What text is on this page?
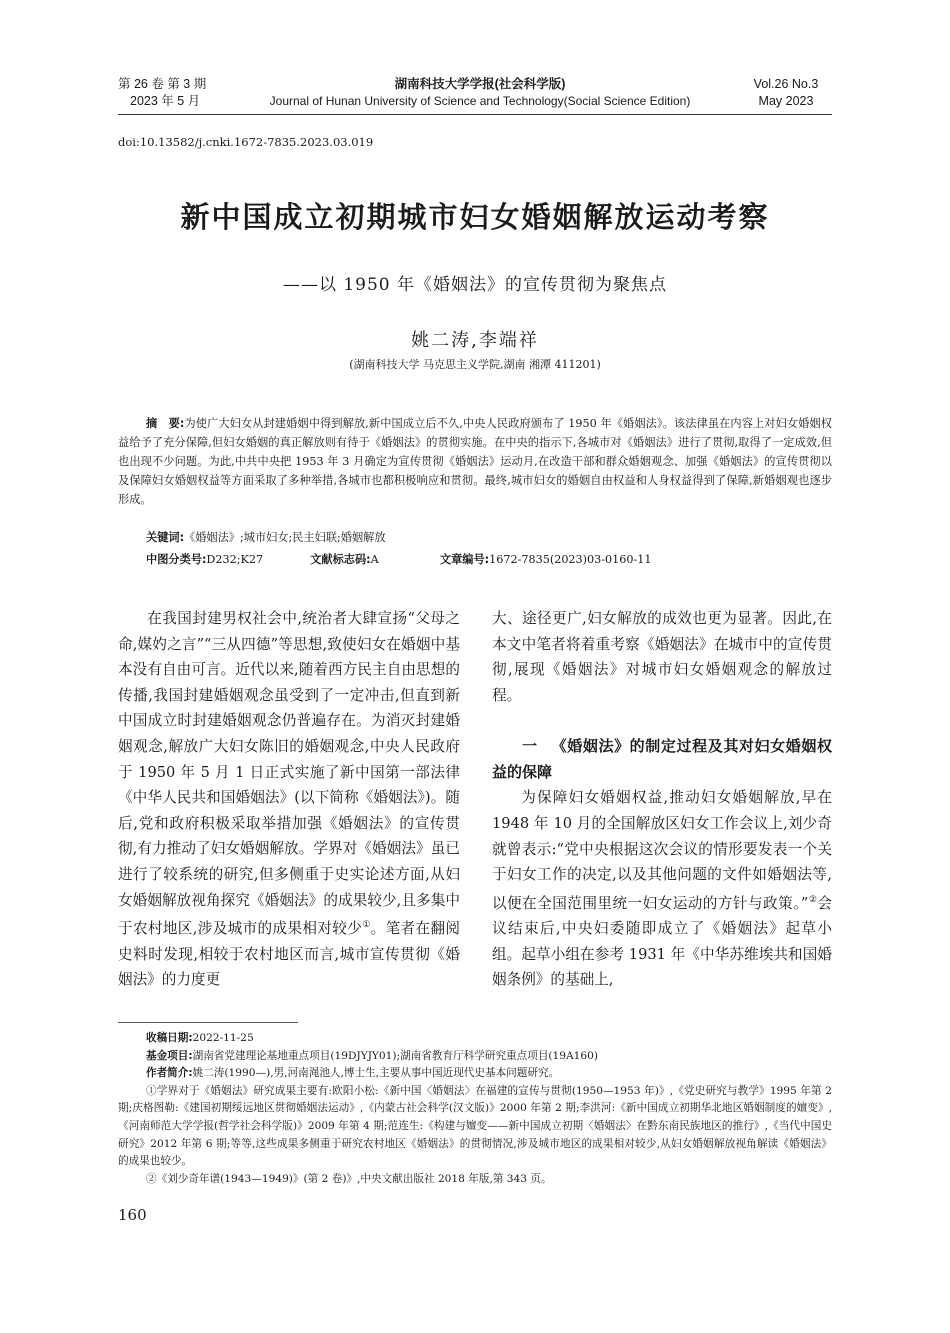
第 26 卷 第 3 期
2023 年 5 月
湖南科技大学学报(社会科学版)
Journal of Hunan University of Science and Technology(Social Science Edition)
Vol.26 No.3
May 2023
doi:10.13582/j.cnki.1672-7835.2023.03.019
新中国成立初期城市妇女婚姻解放运动考察
——以 1950 年《婚姻法》的宣传贯彻为聚焦点
姚二涛,李端祥
(湖南科技大学 马克思主义学院,湖南 湘潭 411201)
摘　要:为使广大妇女从封建婚姻中得到解放,新中国成立后不久,中央人民政府颁布了 1950 年《婚姻法》。该法律虽在内容上对妇女婚姻权益给予了充分保障,但妇女婚姻的真正解放则有待于《婚姻法》的贯彻实施。在中央的指示下,各城市对《婚姻法》进行了贯彻,取得了一定成效,但也出现不少问题。为此,中共中央把 1953 年 3 月确定为宣传贯彻《婚姻法》运动月,在改造干部和群众婚姻观念、加强《婚姻法》的宣传贯彻以及保障妇女婚姻权益等方面采取了多种举措,各城市也都积极响应和贯彻。最终,城市妇女的婚姻自由权益和人身权益得到了保障,新婚姻观也逐步形成。
关键词:《婚姻法》;城市妇女;民主妇联;婚姻解放
中图分类号:D232;K27	文献标志码:A	文章编号:1672-7835(2023)03-0160-11

在我国封建男权社会中,统治者大肆宣扬“父母之命,媒妁之言”“三从四德”等思想,致使妇女在婚姻中基本没有自由可言。近代以来,随着西方民主自由思想的传播,我国封建婚姻观念虽受到了一定冲击,但直到新中国成立时封建婚姻观念仍普遍存在。为消灭封建婚姻观念,解放广大妇女陈旧的婚姻观念,中央人民政府于 1950 年 5 月 1 日正式实施了新中国第一部法律《中华人民共和国婚姻法》(以下简称《婚姻法》)。随后,党和政府积极采取举措加强《婚姻法》的宣传贯彻,有力推动了妇女婚姻解放。学界对《婚姻法》虽已进行了较系统的研究,但多侧重于史实论述方面,从妇女婚姻解放视角探究《婚姻法》的成果较少,且多集中于农村地区,涉及城市的成果相对较少①。笔者在翻阅史料时发现,相较于农村地区而言,城市宣传贯彻《婚姻法》的力度更

大、途径更广,妇女解放的成效也更为显著。因此,在本文中笔者将着重考察《婚姻法》在城市中的宣传贯彻,展现《婚姻法》对城市妇女婚姻观念的解放过程。

一 《婚姻法》的制定过程及其对妇女婚姻权益的保障

为保障妇女婚姻权益,推动妇女婚姻解放,早在 1948 年 10 月的全国解放区妇女工作会议上,刘少奇就曾表示:“党中央根据这次会议的情形要发表一个关于妇女工作的决定,以及其他问题的文件如婚姻法等,以便在全国范围里统一妇女运动的方针与政策。”②会议结束后,中央妇委随即成立了《婚姻法》起草小组。起草小组在参考 1931 年《中华苏维埃共和国婚姻条例》的基础上,

收稿日期:2022-11-25

基金项目:湖南省党建理论基地重点项目(19DJYJY01);湖南省教育厅科学研究重点项目(19A160)

作者简介:姚二涛(1990—),男,河南渑池人,博士生,主要从事中国近现代史基本问题研究。

①学界对于《婚姻法》研究成果主要有:欧阳小松:《新中国〈婚姻法〉在福建的宣传与贯彻(1950—1953 年)》,《党史研究与教学》1995 年第 2 期;庆格图勒:《建国初期绥远地区贯彻婚姻法运动》,《内蒙古社会科学(汉文版)》2000 年第 2 期;李洪河:《新中国成立初期华北地区婚姻制度的嬗变》,《河南师范大学学报(哲学社会科学版)》2009 年第 4 期;范连生:《构建与嬗变——新中国成立初期〈婚姻法〉在黔东南民族地区的推行》,《当代中国史研究》2012 年第 6 期;等等,这些成果多侧重于研究农村地区《婚姻法》的贯彻情况,涉及城市地区的成果相对较少,从妇女婚姻解放视角解读《婚姻法》的成果也较少。

②《刘少奇年谱(1943—1949)》(第 2 卷)》,中央文献出版社 2018 年版,第 343 页。

160
